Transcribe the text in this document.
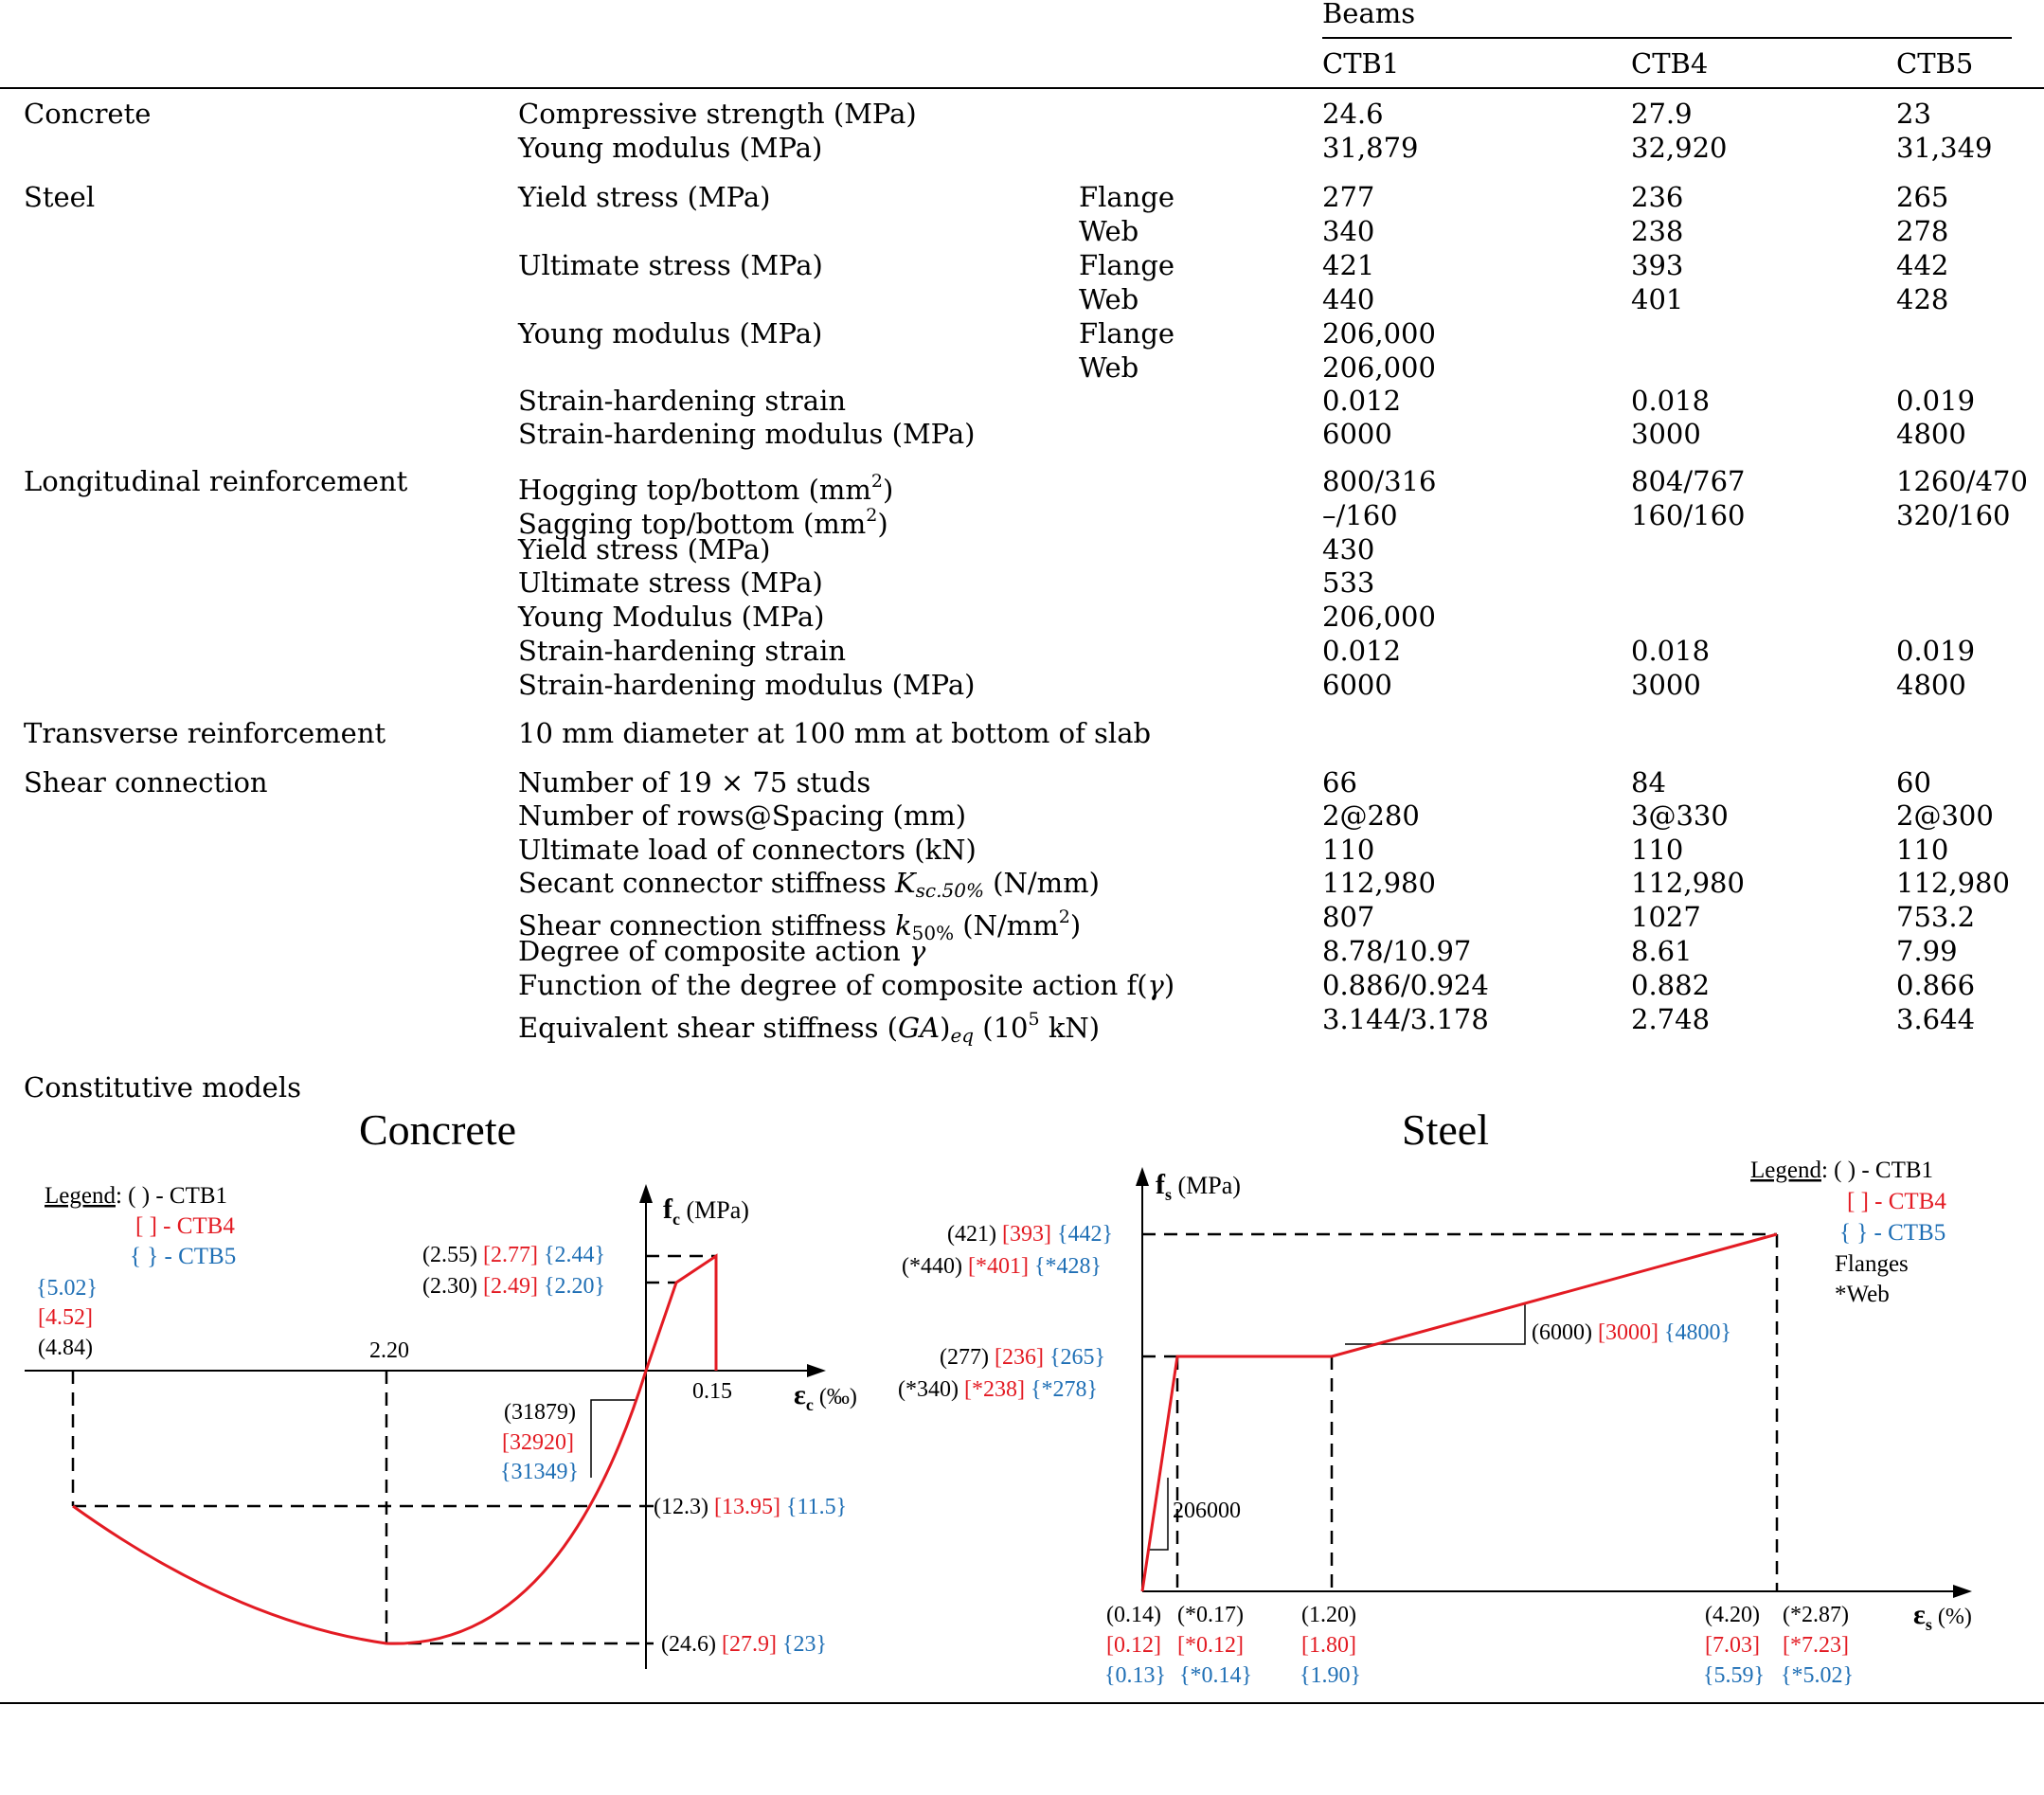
Beams
CTB1	CTB4	CTB5
Concrete	Compressive strength (MPa)	24.6	27.9	23
Young modulus (MPa)	31,879	32,920	31,349
Steel	Yield stress (MPa)	Flange	277	236	265
Web	340	238	278
Ultimate stress (MPa)	Flange	421	393	442
Web	440	401	428
Young modulus (MPa)	Flange	206,000
Web	206,000
Strain-hardening strain	0.012	0.018	0.019
Strain-hardening modulus (MPa)	6000	3000	4800
Longitudinal reinforcement	Hogging top/bottom $(mm^2)$	800/316	804/767	1260/470
Sagging top/bottom $(mm^2)$	–/160	160/160	320/160
Yield stress (MPa)	430
Ultimate stress (MPa)	533
Young Modulus (MPa)	206,000
Strain-hardening strain	0.012	0.018	0.019
Strain-hardening modulus (MPa)	6000	3000	4800
Transverse reinforcement	10 mm diameter at 100 mm at bottom of slab
Shear connection	Number of 19 × 75 studs	66	84	60
Number of rows@Spacing (mm)	2@280	3@330	2@300
Ultimate load of connectors (kN)	110	110	110
Secant connector stiffness $K_{sc.50\%}$ (N/mm)	112,980	112,980	112,980
Shear connection stiffness $k_{50\%}$ $(N/mm^2)$	807	1027	753.2
Degree of composite action γ	8.78/10.97	8.61	7.99
Function of the degree of composite action f(γ)	0.886/0.924	0.882	0.866
Equivalent shear stiffness $(GA)_{eq}$ ($10^5$ kN)	3.144/3.178	2.748	3.644
Constitutive models
Concrete
Legend: ( ) - CTB1
[ ] - CTB4
{ } - CTB5
$f_c$ (MPa)
$\varepsilon_c$ (‰)
{5.02}
[4.52]
(4.84)	2.20
0.15
(2.55) [2.77] {2.44}
(2.30) [2.49] {2.20}
(31879)
[32920]
{31349}
(12.3) [13.95] {11.5}
(24.6) [27.9] {23}
Steel
Legend: ( ) - CTB1
[ ] - CTB4
{ } - CTB5
Flanges
*Web
$f_s$ (MPa)
$\varepsilon_s$ (%)
(421) [393] {442}
(*440) [*401] {*428}
(277) [236] {265}
(*340) [*238] {*278}
(6000) [3000] {4800}
206000
(0.14) (*0.17)
[0.12] [*0.12]
{0.13} {*0.14}
(1.20)
[1.80]
{1.90}
(4.20) (*2.87)
[7.03] [*7.23]
{5.59} {*5.02}
